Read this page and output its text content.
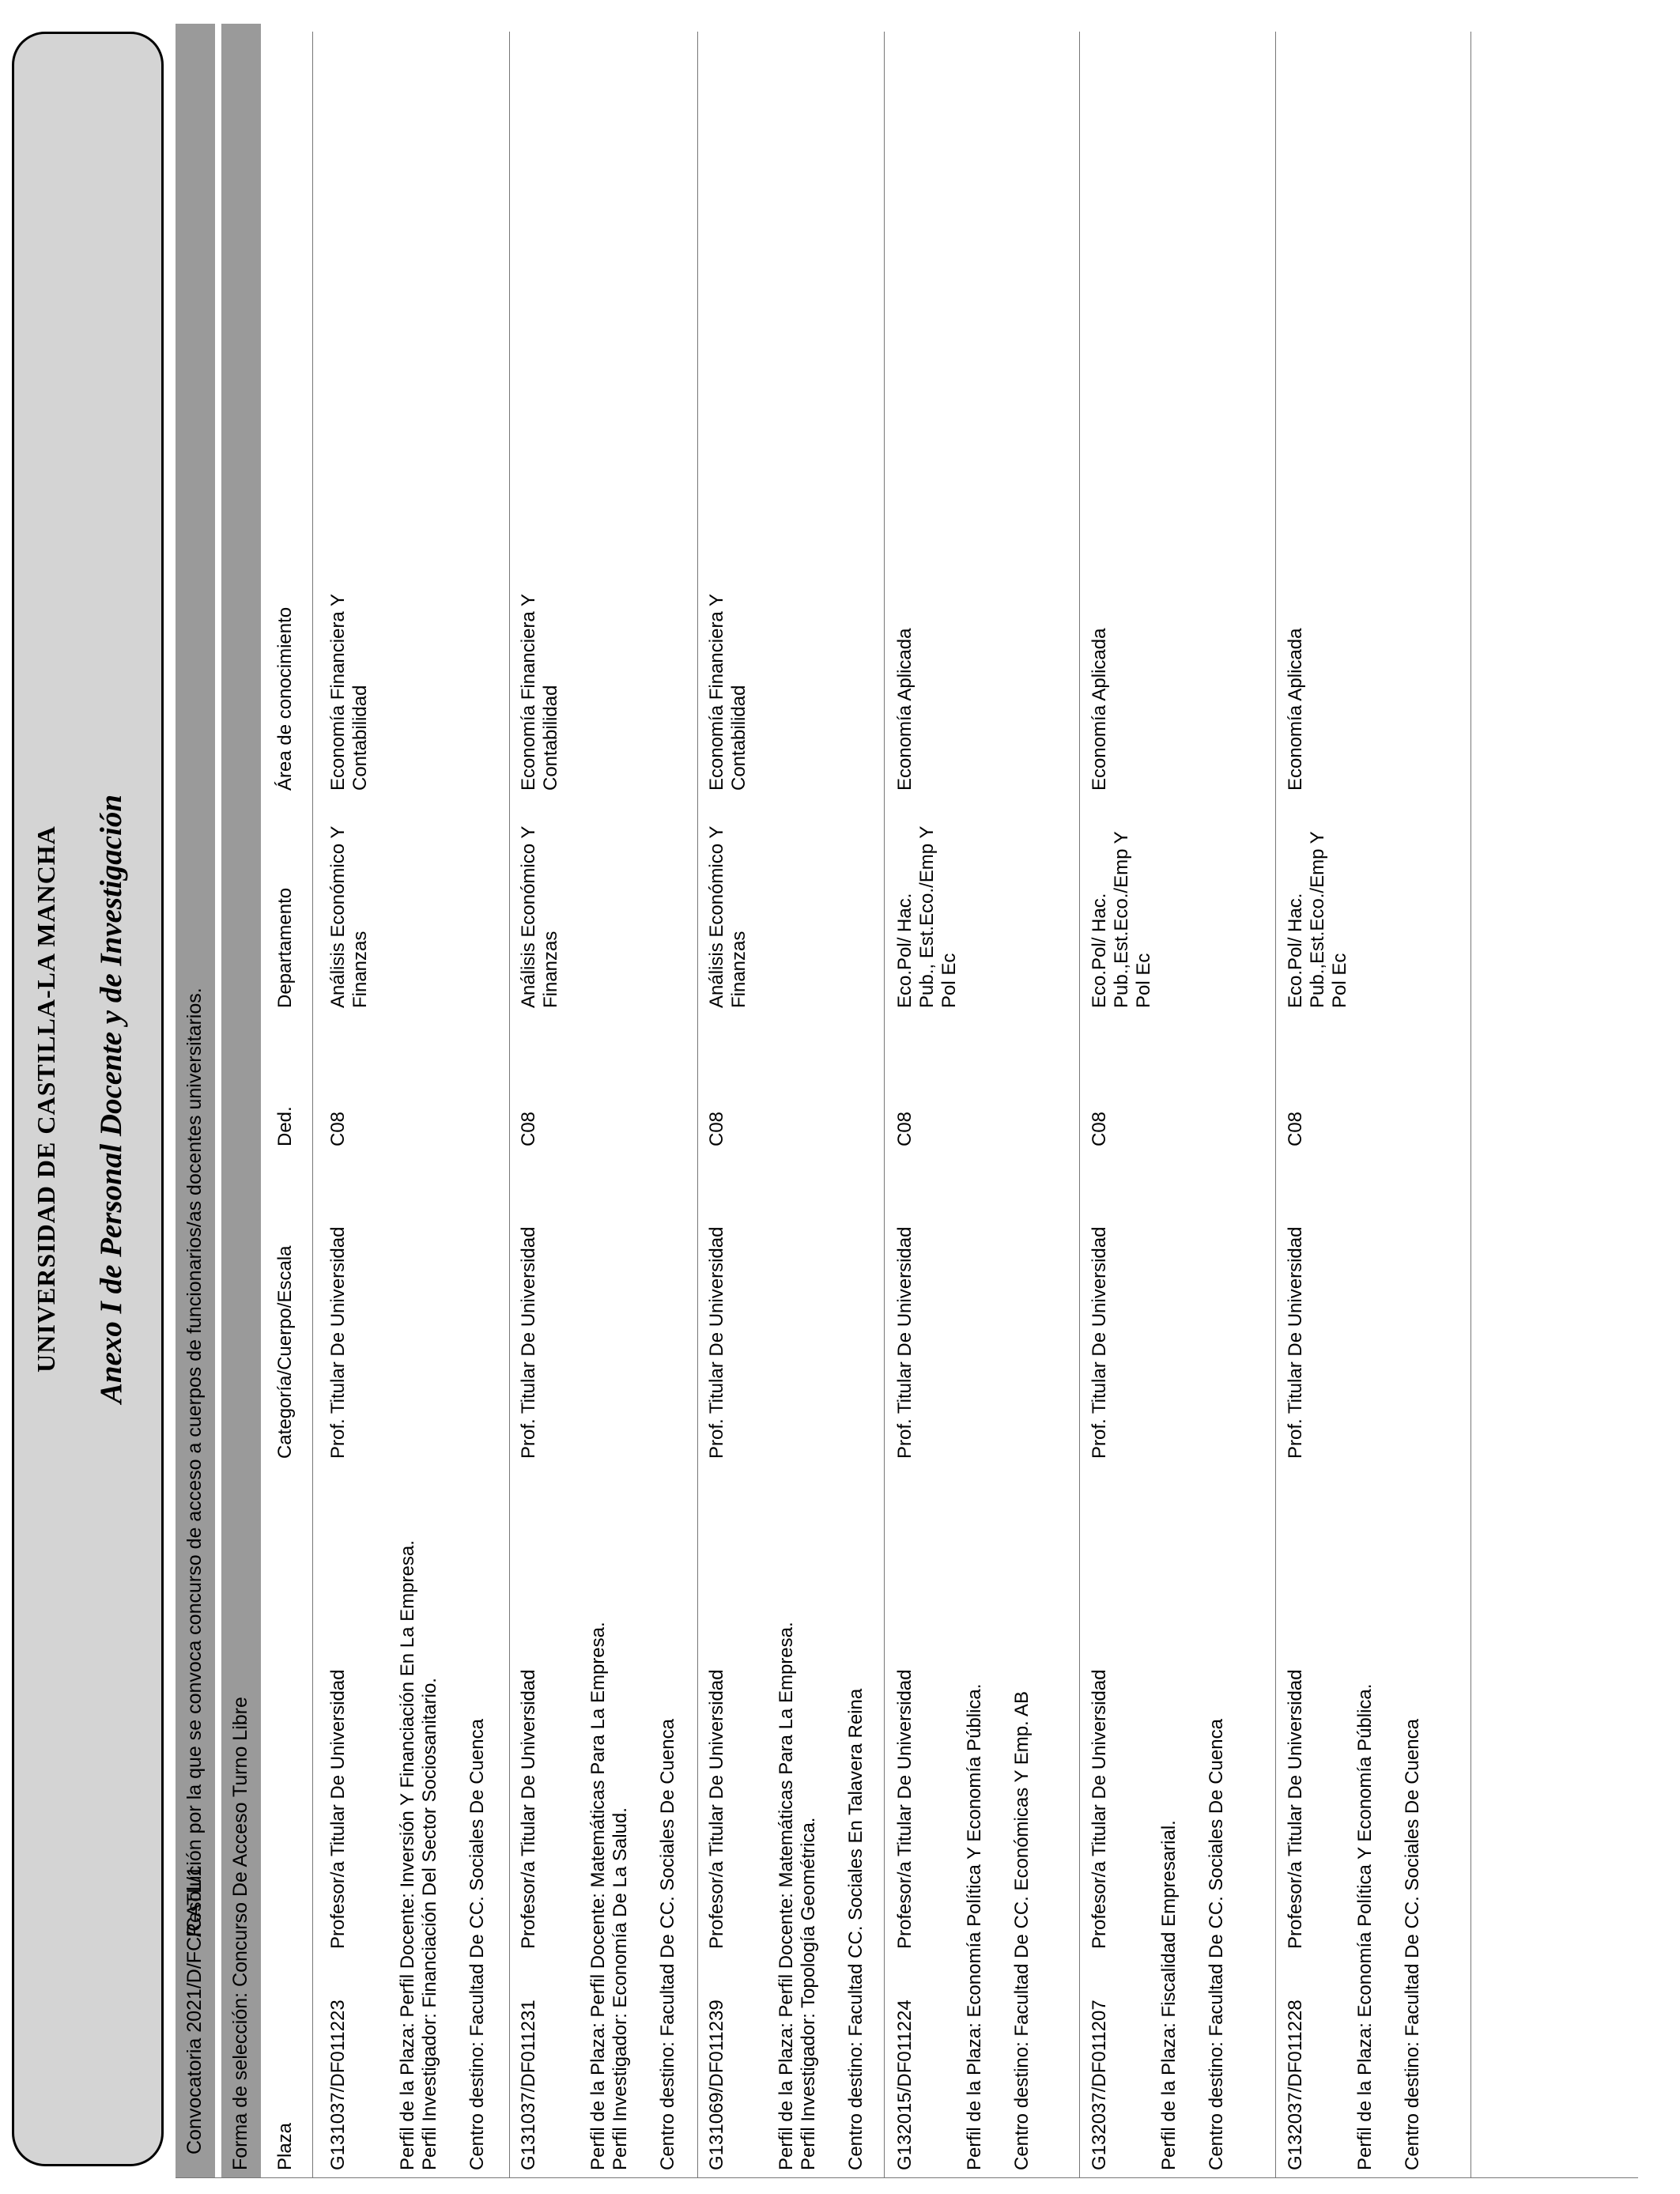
UNIVERSIDAD DE CASTILLA-LA MANCHA Anexo I de Personal Docente y de Investigación
Convocatoria 2021/D/FC/CATL/1
Resolución por la que se convoca concurso de acceso a cuerpos de funcionarios/as docentes universitarios. Forma de selección: Concurso De Acceso Turno Libre Plaza
Categoría/Cuerpo/Escala
Ded.
Departamento
Área de conocimiento
G131037/DF011223
Profesor/a Titular De Universidad
Prof. Titular De Universidad
C08
Análisis Económico Y Finanzas
Economía Financiera Y Contabilidad
Perfil de la Plaza: Perfil Docente: Inversión Y Financiación En La Empresa. Perfil Investigador: Financiación Del Sector Sociosanitario. Centro destino: Facultad De CC. Sociales De Cuenca G131037/DF011231
Profesor/a Titular De Universidad
Prof. Titular De Universidad
C08
Análisis Económico Y Finanzas
Economía Financiera Y Contabilidad
Perfil de la Plaza: Perfil Docente: Matemáticas Para La Empresa. Perfil Investigador: Economía De La Salud. Centro destino: Facultad De CC. Sociales De Cuenca G131069/DF011239
Profesor/a Titular De Universidad
Prof. Titular De Universidad
C08
Análisis Económico Y Finanzas
Economía Financiera Y Contabilidad
Perfil de la Plaza: Perfil Docente: Matemáticas Para La Empresa. Perfil Investigador: Topología Geométrica. Centro destino: Facultad CC. Sociales En Talavera Reina G132015/DF011224
Profesor/a Titular De Universidad
Prof. Titular De Universidad
C08
Eco.Pol/ Hac. Pub., Est.Eco./Emp Y Pol Ec
Economía Aplicada
Perfil de la Plaza: Economía Política Y Economía Pública. Centro destino: Facultad De CC. Económicas Y Emp. AB	G132037/DF011207
Profesor/a Titular De Universidad
Prof. Titular De Universidad
C08
Eco.Pol/ Hac. Pub.,Est.Eco./Emp Y Pol Ec
Economía Aplicada
Perfil de la Plaza: Fiscalidad Empresarial. Centro destino: Facultad De CC. Sociales De Cuenca	G132037/DF011228
Profesor/a Titular De Universidad
Prof. Titular De Universidad
C08
Eco.Pol/ Hac. Pub.,Est.Eco./Emp Y Pol Ec
Economía Aplicada
Perfil de la Plaza: Economía Política Y Economía Pública. Centro destino: Facultad De CC. Sociales De Cuenca
